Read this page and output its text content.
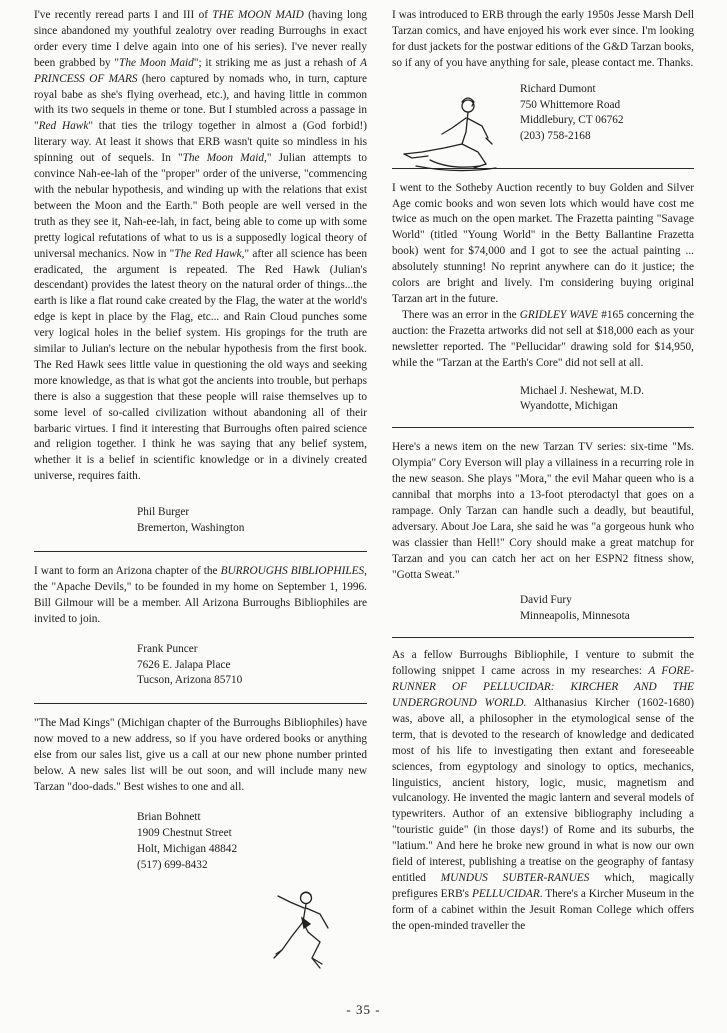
I've recently reread parts I and III of THE MOON MAID (having long since abandoned my youthful zealotry over reading Burroughs in exact order every time I delve again into one of his series). I've never really been grabbed by "The Moon Maid"; it striking me as just a rehash of A PRINCESS OF MARS (hero captured by nomads who, in turn, capture royal babe as she's flying overhead, etc.), and having little in common with its two sequels in theme or tone. But I stumbled across a passage in "Red Hawk" that ties the trilogy together in almost a (God forbid!) literary way. At least it shows that ERB wasn't quite so mindless in his spinning out of sequels. In "The Moon Maid," Julian attempts to convince Nah-ee-lah of the "proper" order of the universe, "commencing with the nebular hypothesis, and winding up with the relations that exist between the Moon and the Earth." Both people are well versed in the truth as they see it, Nah-ee-lah, in fact, being able to come up with some pretty logical refutations of what to us is a supposedly logical theory of universal mechanics. Now in "The Red Hawk," after all science has been eradicated, the argument is repeated. The Red Hawk (Julian's descendant) provides the latest theory on the natural order of things...the earth is like a flat round cake created by the Flag, the water at the world's edge is kept in place by the Flag, etc... and Rain Cloud punches some very logical holes in the belief system. His gropings for the truth are similar to Julian's lecture on the nebular hypothesis from the first book. The Red Hawk sees little value in questioning the old ways and seeking more knowledge, as that is what got the ancients into trouble, but perhaps there is also a suggestion that these people will raise themselves up to some level of so-called civilization without abandoning all of their barbaric virtues. I find it interesting that Burroughs often paired science and religion together. I think he was saying that any belief system, whether it is a belief in scientific knowledge or in a divinely created universe, requires faith.

Phil Burger

Bremerton, Washington

I want to form an Arizona chapter of the BURROUGHS BIBLIOPHILES, the "Apache Devils," to be founded in my home on September 1, 1996. Bill Gilmour will be a member. All Arizona Burroughs Bibliophiles are invited to join.

Frank Puncer

7626 E. Jalapa Place

Tucson, Arizona 85710

"The Mad Kings" (Michigan chapter of the Burroughs Bibliophiles) have now moved to a new address, so if you have ordered books or anything else from our sales list, give us a call at our new phone number printed below. A new sales list will be out soon, and will include many new Tarzan "doo-dads." Best wishes to one and all.

Brian Bohnett

1909 Chestnut Street

Holt, Michigan 48842

(517) 699-8432

I was introduced to ERB through the early 1950s Jesse Marsh Dell Tarzan comics, and have enjoyed his work ever since. I'm looking for dust jackets for the postwar editions of the G&D Tarzan books, so if any of you have anything for sale, please contact me. Thanks.

Richard Dumont

750 Whittemore Road

Middlebury, CT 06762

(203) 758-2168

I went to the Sotheby Auction recently to buy Golden and Silver Age comic books and won seven lots which would have cost me twice as much on the open market. The Frazetta painting "Savage World" (titled "Young World" in the Betty Ballantine Frazetta book) went for $74,000 and I got to see the actual painting ... absolutely stunning! No reprint anywhere can do it justice; the colors are bright and lively. I'm considering buying original Tarzan art in the future.

There was an error in the GRIDLEY WAVE #165 concerning the auction: the Frazetta artworks did not sell at $18,000 each as your newsletter reported. The "Pellucidar" drawing sold for $14,950, while the "Tarzan at the Earth's Core" did not sell at all.

Michael J. Neshewat, M.D.

Wyandotte, Michigan

Here's a news item on the new Tarzan TV series: six-time "Ms. Olympia" Cory Everson will play a villainess in a recurring role in the new season. She plays "Mora," the evil Mahar queen who is a cannibal that morphs into a 13-foot pterodactyl that goes on a rampage. Only Tarzan can handle such a deadly, but beautiful, adversary. About Joe Lara, she said he was "a gorgeous hunk who was classier than Hell!" Cory should make a great matchup for Tarzan and you can catch her act on her ESPN2 fitness show, "Gotta Sweat."

David Fury

Minneapolis, Minnesota

As a fellow Burroughs Bibliophile, I venture to submit the following snippet I came across in my researches: A FORE-RUNNER OF PELLUCIDAR: KIRCHER AND THE UNDERGROUND WORLD. Althanasius Kircher (1602-1680) was, above all, a philosopher in the etymological sense of the term, that is devoted to the research of knowledge and dedicated most of his life to investigating then extant and foreseeable sciences, from egyptology and sinology to optics, mechanics, linguistics, ancient history, logic, music, magnetism and vulcanology. He invented the magic lantern and several models of typewriters. Author of an extensive bibliography including a "touristic guide" (in those days!) of Rome and its suburbs, the "latium." And here he broke new ground in what is now our own field of interest, publishing a treatise on the geography of fantasy entitled MUNDUS SUBTER-RANUES which, magically prefigures ERB's PELLUCIDAR. There's a Kircher Museum in the form of a cabinet within the Jesuit Roman College which offers the open-minded traveller the

- 35 -
